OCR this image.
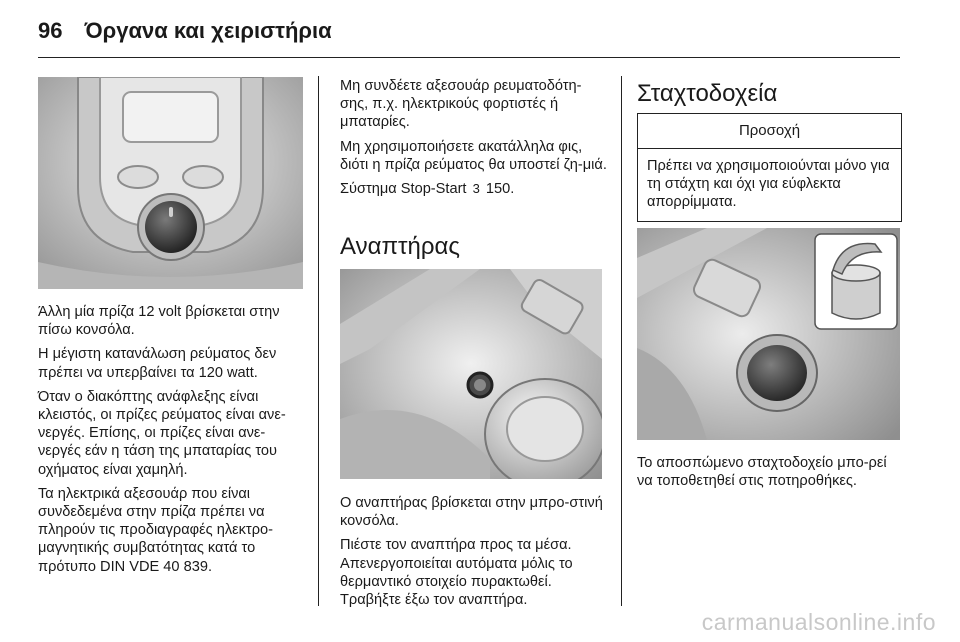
96 Όργανα και χειριστήρια

Άλλη μία πρίζα 12 volt βρίσκεται στην πίσω κονσόλα.

Η μέγιστη κατανάλωση ρεύματος δεν πρέπει να υπερβαίνει τα 120 watt.

Όταν ο διακόπτης ανάφλεξης είναι κλειστός, οι πρίζες ρεύματος είναι ανε‐νεργές. Επίσης, οι πρίζες είναι ανε‐νεργές εάν η τάση της μπαταρίας του οχήματος είναι χαμηλή.

Τα ηλεκτρικά αξεσουάρ που είναι συνδεδεμένα στην πρίζα πρέπει να πληρούν τις προδιαγραφές ηλεκτρο‐μαγνητικής συμβατότητας κατά το πρότυπο DIN VDE 40 839.

Μη συνδέετε αξεσουάρ ρευματοδότη‐σης, π.χ. ηλεκτρικούς φορτιστές ή μπαταρίες.

Μη χρησιμοποιήσετε ακατάλληλα φις, διότι η πρίζα ρεύματος θα υποστεί ζη‐μιά.

Σύστημα Stop-Start 3 150.

Αναπτήρας

Ο αναπτήρας βρίσκεται στην μπρο‐στινή κονσόλα.

Πιέστε τον αναπτήρα προς τα μέσα. Απενεργοποιείται αυτόματα μόλις το θερμαντικό στοιχείο πυρακτωθεί. Τραβήξτε έξω τον αναπτήρα.

Σταχτοδοχεία
Προσοχή
Πρέπει να χρησιμοποιούνται μόνο για τη στάχτη και όχι για εύφλεκτα απορρίμματα.

Το αποσπώμενο σταχτοδοχείο μπο‐ρεί να τοποθετηθεί στις ποτηροθήκες.

carmanualsonline.info
